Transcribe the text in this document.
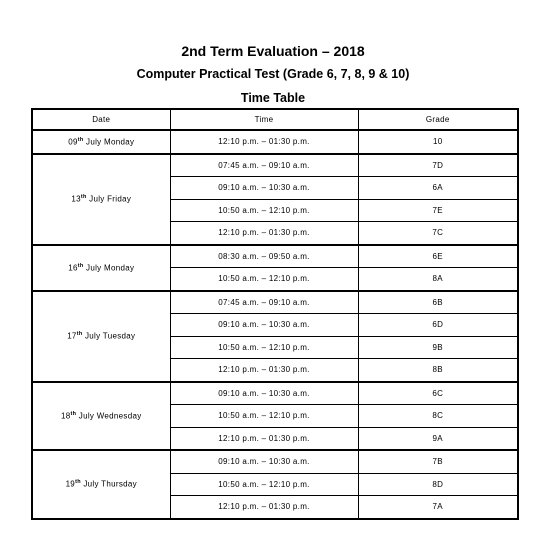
2nd Term Evaluation – 2018
Computer Practical Test (Grade 6, 7, 8, 9 & 10)
Time Table
Date	Time	Grade
09th July Monday	12:10 p.m. – 01:30 p.m.	10
13th July Friday	07:45 a.m. – 09:10 a.m.	7D
	09:10 a.m. – 10:30 a.m.	6A
	10:50 a.m. – 12:10 p.m.	7E
	12:10 p.m. – 01:30 p.m.	7C
16th July Monday	08:30 a.m. – 09:50 a.m.	6E
	10:50 a.m. – 12:10 p.m.	8A
17th July Tuesday	07:45 a.m. – 09:10 a.m.	6B
	09:10 a.m. – 10:30 a.m.	6D
	10:50 a.m. – 12:10 p.m.	9B
	12:10 p.m. – 01:30 p.m.	8B
18th July Wednesday	09:10 a.m. – 10:30 a.m.	6C
	10:50 a.m. – 12:10 p.m.	8C
	12:10 p.m. – 01:30 p.m.	9A
19th July Thursday	09:10 a.m. – 10:30 a.m.	7B
	10:50 a.m. – 12:10 p.m.	8D
	12:10 p.m. – 01:30 p.m.	7A
